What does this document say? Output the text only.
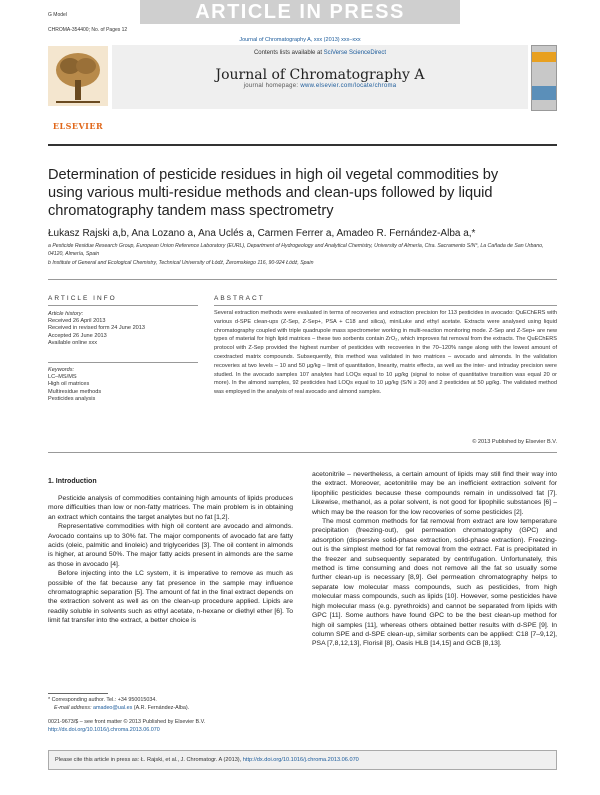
G Model
CHROMA-354400; No. of Pages 12
ARTICLE IN PRESS
Journal of Chromatography A, xxx (2013) xxx–xxx
ELSEVIER
Contents lists available at SciVerse ScienceDirect
Journal of Chromatography A
journal homepage: www.elsevier.com/locate/chroma
Determination of pesticide residues in high oil vegetal commodities by using various multi-residue methods and clean-ups followed by liquid chromatography tandem mass spectrometry
Łukasz Rajski a,b, Ana Lozano a, Ana Uclés a, Carmen Ferrer a, Amadeo R. Fernández-Alba a,*
a Pesticide Residue Research Group, European Union Reference Laboratory (EURL), Department of Hydrogeology and Analytical Chemistry, University of Almería, Ctra. Sacramento S/N°, La Cañada de San Urbano, 04120, Almería, Spain
b Institute of General and Ecological Chemistry, Technical University of Łódź, Żeromskiego 116, 90-924 Łódź, Spain
ARTICLE INFO	ABSTRACT
Article history:
Received 26 April 2013
Received in revised form 24 June 2013
Accepted 26 June 2013
Available online xxx
Keywords:
LC–MS/MS
High oil matrices
Multiresidue methods
Pesticides analysis
Several extraction methods were evaluated in terms of recoveries and extraction precision for 113 pesticides in avocado: QuEChERS with various d-SPE clean-ups (Z-Sep, Z-Sep+, PSA + C18 and silica), miniLuke and ethyl acetate. Extracts were analysed using liquid chromatography coupled with triple quadrupole mass spectrometer working in multi-reaction monitoring mode. Z-Sep and Z-Sep+ are new types of material for high lipid matrices – these two sorbents contain ZrO₂, which improves fat removal from the extracts. The QuEChERS protocol with Z-Sep provided the highest number of pesticides with recoveries in the 70–120% range along with the lowest amount of coextracted matrix compounds. Subsequently, this method was validated in two matrices – avocado and almonds. In the validation recoveries at two levels – 10 and 50 µg/kg – limit of quantitation, linearity, matrix effects, as well as the inter- and intraday precision were studied. In the avocado samples 107 analytes had LOQs equal to 10 µg/kg (signal to noise of quantitative transition was equal 20 or more). In the almond samples, 92 pesticides had LOQs equal to 10 µg/kg (S/N ≥ 20) and 2 pesticides at 50 µg/kg. The validated method was employed in the analysis of real avocado and almond samples.
© 2013 Published by Elsevier B.V.
1. Introduction

Pesticide analysis of commodities containing high amounts of lipids produces more difficulties than low or non-fatty matrices. The main problem is in obtaining an extract which contains the target analytes but no fat [1,2].

Representative commodities with high oil content are avocado and almonds. Avocado contains up to 30% fat. The major components of avocado fat are fatty acids (oleic, palmitic and linoleic) and triglycerides [3]. The oil content in almonds is higher, at around 50%. The major fatty acids present in almonds are the same as those in avocado [4].

Before injecting into the LC system, it is imperative to remove as much as possible of the fat because any fat presence in the sample may influence chromatographic separation [5]. The amount of fat in the final extract depends on the extraction solvent as well as on the clean-up procedure applied. Lipids are readily soluble in solvents such as ethyl acetate, n-hexane or diethyl ether [6]. To limit fat transfer into the extract, a better choice is

acetonitrile – nevertheless, a certain amount of lipids may still find their way into the extract. Moreover, acetonitrile may be an inefficient extraction solvent for lipophilic pesticides because these compounds remain in undissolved fat [7]. Likewise, methanol, as a polar solvent, is not good for lipophilic substances [6] – which may be the reason for the low recoveries of some pesticides [2].

The most common methods for fat removal from extract are low temperature precipitation (freezing-out), gel permeation chromatography (GPC) and adsorption (dispersive solid-phase extraction, solid-phase extraction). Freezing-out is the simplest method for fat removal from the extract. Fat is precipitated in the freezer and subsequently separated by centrifugation. Unfortunately, this method is time consuming and does not remove all the fat so usually some further clean-up is necessary [8,9]. Gel permeation chromatography helps to separate low molecular mass compounds, such as pesticides, from high molecular mass compounds, such as lipids [10]. However, some pesticides have high molecular mass (e.g. pyrethroids) and cannot be separated from lipids with GPC [11]. Some authors have found GPC to be the best clean-up method for high oil samples [11], whereas others obtained better results with d-SPE [9]. In column SPE and d-SPE clean-up, similar sorbents can be applied: C18 [7–9,12], PSA [7,8,12,13], Florisil [8], Oasis HLB [14,15] and GCB [8,13].

* Corresponding author. Tel.: +34 950015034.
E-mail address: amadeo@ual.es (A.R. Fernández-Alba).
0021-9673/$ – see front matter © 2013 Published by Elsevier B.V.
http://dx.doi.org/10.1016/j.chroma.2013.06.070
Please cite this article in press as: Ł. Rajski, et al., J. Chromatogr. A (2013), http://dx.doi.org/10.1016/j.chroma.2013.06.070
